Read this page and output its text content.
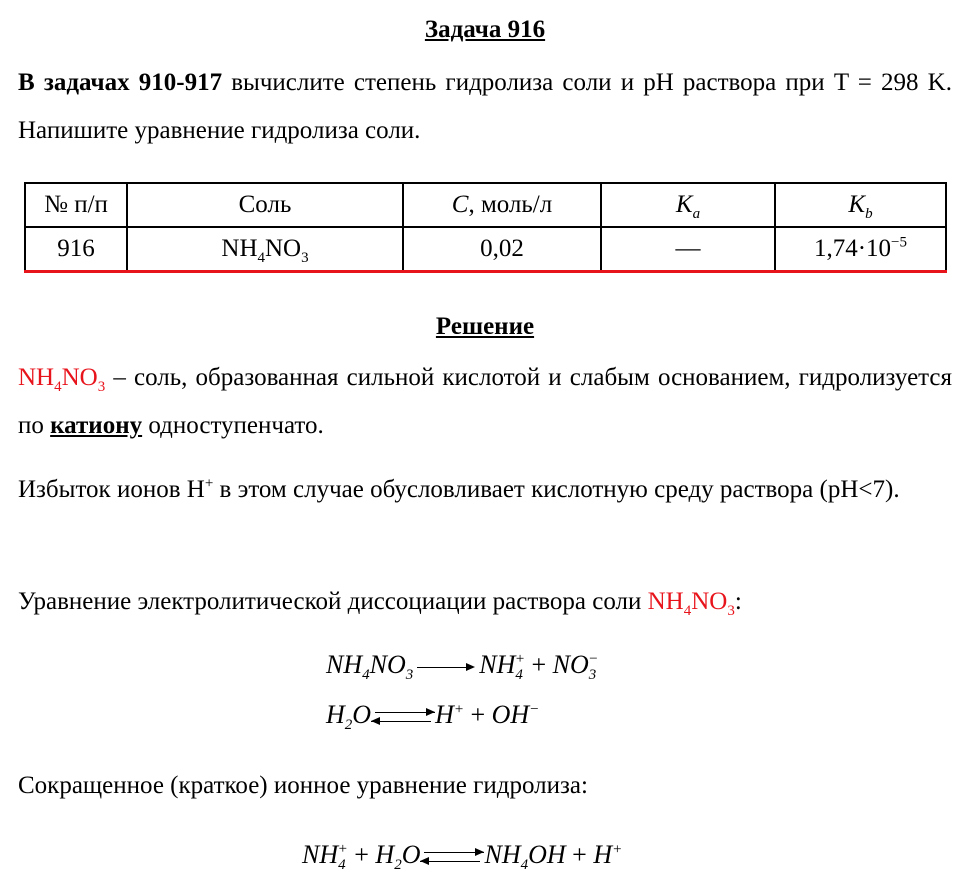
Задача 916
В задачах 910-917 вычислите степень гидролиза соли и pH раствора при T = 298 K. Напишите уравнение гидролиза соли.
№ п/п	Соль	C, моль/л	$K_a$	$K_b$
916	$NH_4NO_3$	0,02	—	$1,74\cdot 10^{-5}$
Решение
$NH_4NO_3$ – соль, образованная сильной кислотой и слабым основанием, гидролизуется по катиону одноступенчато.
Избыток ионов H+ в этом случае обусловливает кислотную среду раствора (pH<7).
Уравнение электролитической диссоциации раствора соли $NH_4NO_3$:
$NH_4NO_3$	$NH_4^+ + NO_3^-$
$H_2O\rightleftharpoons H^+ + OH^-$
Сокращенное (краткое) ионное уравнение гидролиза:
$NH_4^+$ + $H_2O\rightleftharpoons NH_4OH + H^+$
